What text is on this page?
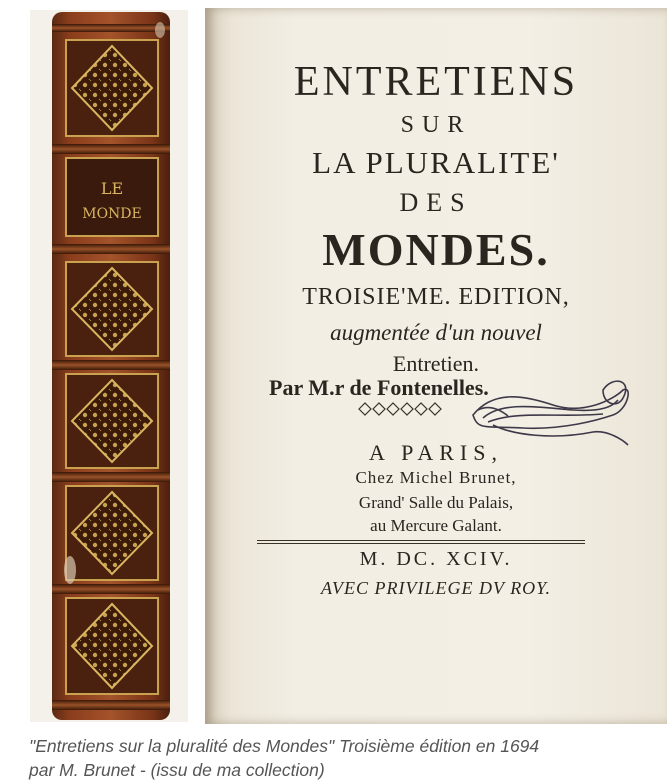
LE
MONDE
ENTRETIENS
SUR
LA PLURALITE'
DES
MONDES.
TROISIE'ME. EDITION,
augmentée d'un nouvel
Entretien.
Par M.r de Fontenelles.
A PARIS,
Chez Michel Brunet,
Grand' Salle du Palais,
au Mercure Galant.
M. DC. XCIV.
AVEC PRIVILEGE DV ROY.
"Entretiens sur la pluralité des Mondes" Troisième édition en 1694
par M. Brunet - (issu de ma collection)
